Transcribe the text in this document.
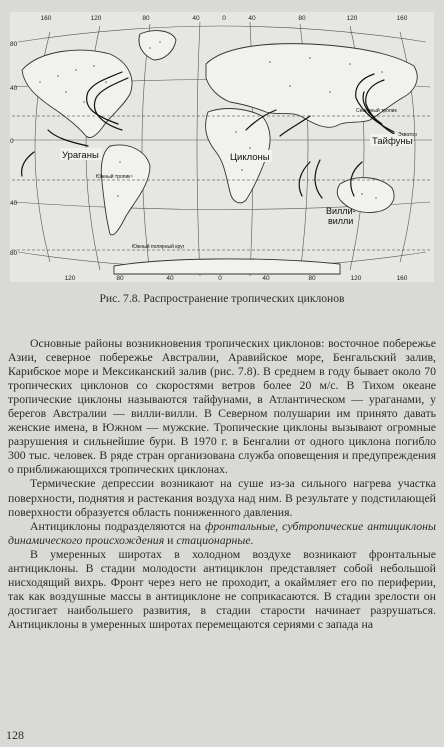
160	120	80	40	0	40	80	120	160
120	80	40	0	40	80	120	160
80
40
0
40
80
Ураганы	Циклоны
Тайфуны
Вилли-
вилли
Северный тропик
Южный тропик
Экватор
Южный полярный круг
Рис. 7.8. Распространение тропических циклонов

Основные районы возникновения тропических циклонов: восточное побережье Азии, северное побережье Австралии, Аравийское море, Бенгальский залив, Карибское море и Мексиканский залив (рис. 7.8). В среднем в году бывает около 70 тропических циклонов со скоростями ветров более 20 м/с. В Тихом океане тропические циклоны называются тайфунами, в Атлантическом — ураганами, у берегов Австралии — вилли-вилли. В Северном полушарии им принято давать женские имена, в Южном — мужские. Тропические циклоны вызывают огромные разрушения и сильнейшие бури. В 1970 г. в Бенгалии от одного циклона погибло 300 тыс. человек. В ряде стран организована служба оповещения и предупреждения о приближающихся тропических циклонах.

Термические депрессии возникают на суше из-за сильного нагрева участка поверхности, поднятия и растекания воздуха над ним. В результате у подстилающей поверхности образуется область пониженного давления.

Антициклоны подразделяются на фронтальные, субтропические антициклоны динамического происхождения и стационарные.

В умеренных широтах в холодном воздухе возникают фронтальные антициклоны. В стадии молодости антициклон представляет собой небольшой нисходящий вихрь. Фронт через него не проходит, а окаймляет его по периферии, так как воздушные массы в антициклоне не соприкасаются. В стадии зрелости он достигает наибольшего развития, в стадии старости начинает разрушаться. Антициклоны в умеренных широтах перемещаются сериями с запада на

128
